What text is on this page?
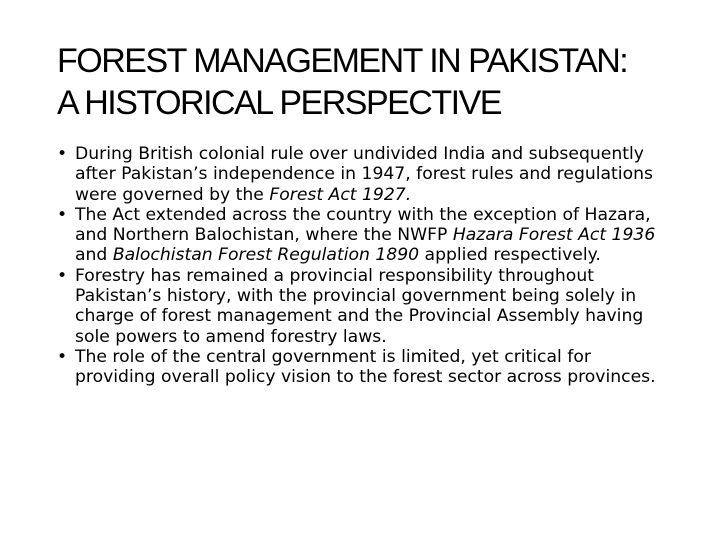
FOREST MANAGEMENT IN PAKISTAN:
A HISTORICAL PERSPECTIVE
• During British colonial rule over undivided India and subsequently after Pakistan’s independence in 1947, forest rules and regulations were governed by the Forest Act 1927.
• The Act extended across the country with the exception of Hazara, and Northern Balochistan, where the NWFP Hazara Forest Act 1936 and Balochistan Forest Regulation 1890 applied respectively.
• Forestry has remained a provincial responsibility throughout Pakistan’s history, with the provincial government being solely in charge of forest management and the Provincial Assembly having sole powers to amend forestry laws.
• The role of the central government is limited, yet critical for providing overall policy vision to the forest sector across provinces.
